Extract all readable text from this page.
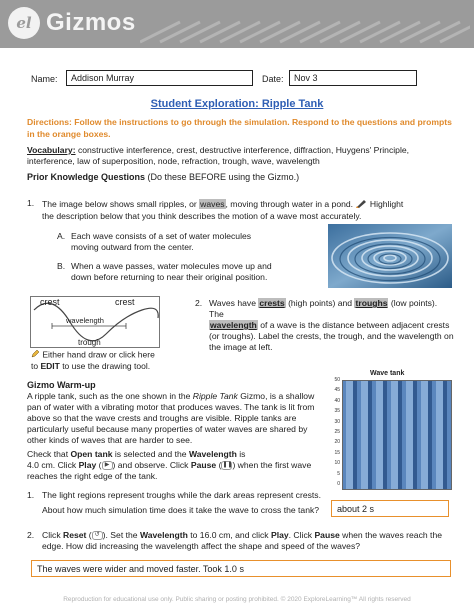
el Gizmos
Name:	Addison Murray	Date:	Nov 3
Student Exploration: Ripple Tank
Directions: Follow the instructions to go through the simulation. Respond to the questions and prompts in the orange boxes.
Vocabulary: constructive interference, crest, destructive interference, diffraction, Huygens' Principle, interference, law of superposition, node, refraction, trough, wave, wavelength
Prior Knowledge Questions (Do these BEFORE using the Gizmo.)
1. The image below shows small ripples, or waves, moving through water in a pond. Highlight the description below that you think describes the motion of a wave most accurately.
A. Each wave consists of a set of water molecules moving outward from the center.
B. When a wave passes, water molecules move up and down before returning to near their original position.
crest	crest
wavelength
trough
Either hand draw or click here
to EDIT to use the drawing tool.
2. Waves have crests (high points) and troughs (low points). The
wavelength of a wave is the distance between adjacent crests (or troughs). Label the crests, the trough, and the wavelength on the image at left.
Gizmo Warm-up
A ripple tank, such as the one shown in the Ripple Tank Gizmo, is a shallow pan of water with a vibrating motor that produces waves. The tank is lit from above so that the wave crests and troughs are visible. Ripple tanks are particularly useful because many properties of water waves are shared by other kinds of waves that are harder to see.
Wave tank
50
45
40
35
30
25
20
15
10
5
0
Check that Open tank is selected and the Wavelength is
4.0 cm. Click Play ( ▶ ) and observe. Click Pause (❚❚) when the first wave reaches the right edge of the tank.
1. The light regions represent troughs while the dark areas represent crests.
About how much simulation time does it take the wave to cross the tank?	about 2 s
2. Click Reset ( ↺ ). Set the Wavelength to 16.0 cm, and click Play. Click Pause when the waves reach the edge. How did increasing the wavelength affect the shape and speed of the waves?
The waves were wider and moved faster. Took 1.0 s
Reproduction for educational use only. Public sharing or posting prohibited. © 2020 ExploreLearning™ All rights reserved
